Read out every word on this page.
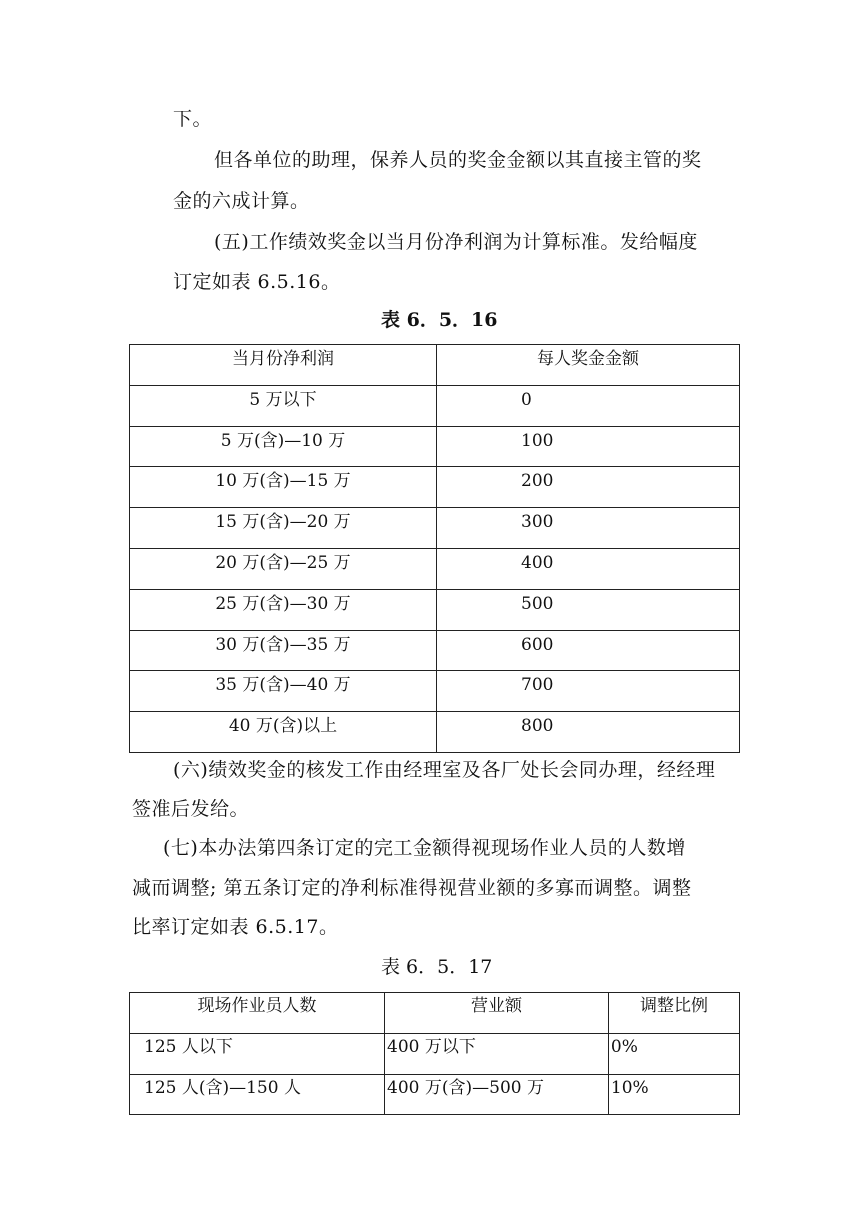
下。
但各单位的助理，保养人员的奖金金额以其直接主管的奖
金的六成计算。
(五)工作绩效奖金以当月份净利润为计算标准。发给幅度
订定如表 6.5.16。
表 6．5．16
当月份净利润	每人奖金金额
5 万以下	0
5 万(含)—10 万	100
10 万(含)—15 万	200
15 万(含)—20 万	300
20 万(含)—25 万	400
25 万(含)—30 万	500
30 万(含)—35 万	600
35 万(含)—40 万	700
40 万(含)以上	800
(六)绩效奖金的核发工作由经理室及各厂处长会同办理，经经理
签准后发给。
(七)本办法第四条订定的完工金额得视现场作业人员的人数增
减而调整; 第五条订定的净利标准得视营业额的多寡而调整。调整
比率订定如表 6.5.17。
表 6．5．17
现场作业员人数	营业额	调整比例
125 人以下	400 万以下	0%
125 人(含)—150 人	400 万(含)—500 万	10%
